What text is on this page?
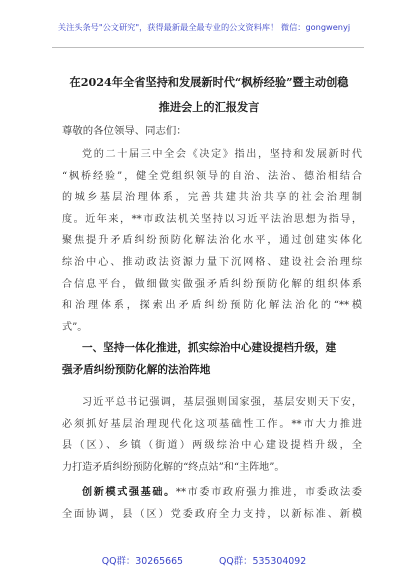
关注头条号"公文研究"，获得最新最全最专业的公文资料库！ 微信：gongwenyj
在2024年全省坚持和发展新时代“枫桥经验”暨主动创稳
推进会上的汇报发言
尊敬的各位领导、同志们：
党的二十届三中全会《决定》指出，坚持和发展新时代
“枫桥经验”，健全党组织领导的自治、法治、德治相结合
的城乡基层治理体系，完善共建共治共享的社会治理制
度。近年来，**市政法机关坚持以习近平法治思想为指导，
聚焦提升矛盾纠纷预防化解法治化水平，通过创建实体化
综治中心、推动政法资源力量下沉网格、建设社会治理综
合信息平台，做细做实做强矛盾纠纷预防化解的组织体系
和治理体系，探索出矛盾纠纷预防化解法治化的“**模
式”。
一、坚持一体化推进，抓实综治中心建设提档升级，建
强矛盾纠纷预防化解的法治阵地
习近平总书记强调，基层强则国家强，基层安则天下安，
必须抓好基层治理现代化这项基础性工作。**市大力推进
县（区）、乡镇（街道）两级综治中心建设提档升级，全
力打造矛盾纠纷预防化解的“终点站”和“主阵地”。
创新模式强基础。**市委市政府强力推进，市委政法委
全面协调，县（区）党委政府全力支持，以新标准、新模
QQ群：30265665	QQ群：535304092
